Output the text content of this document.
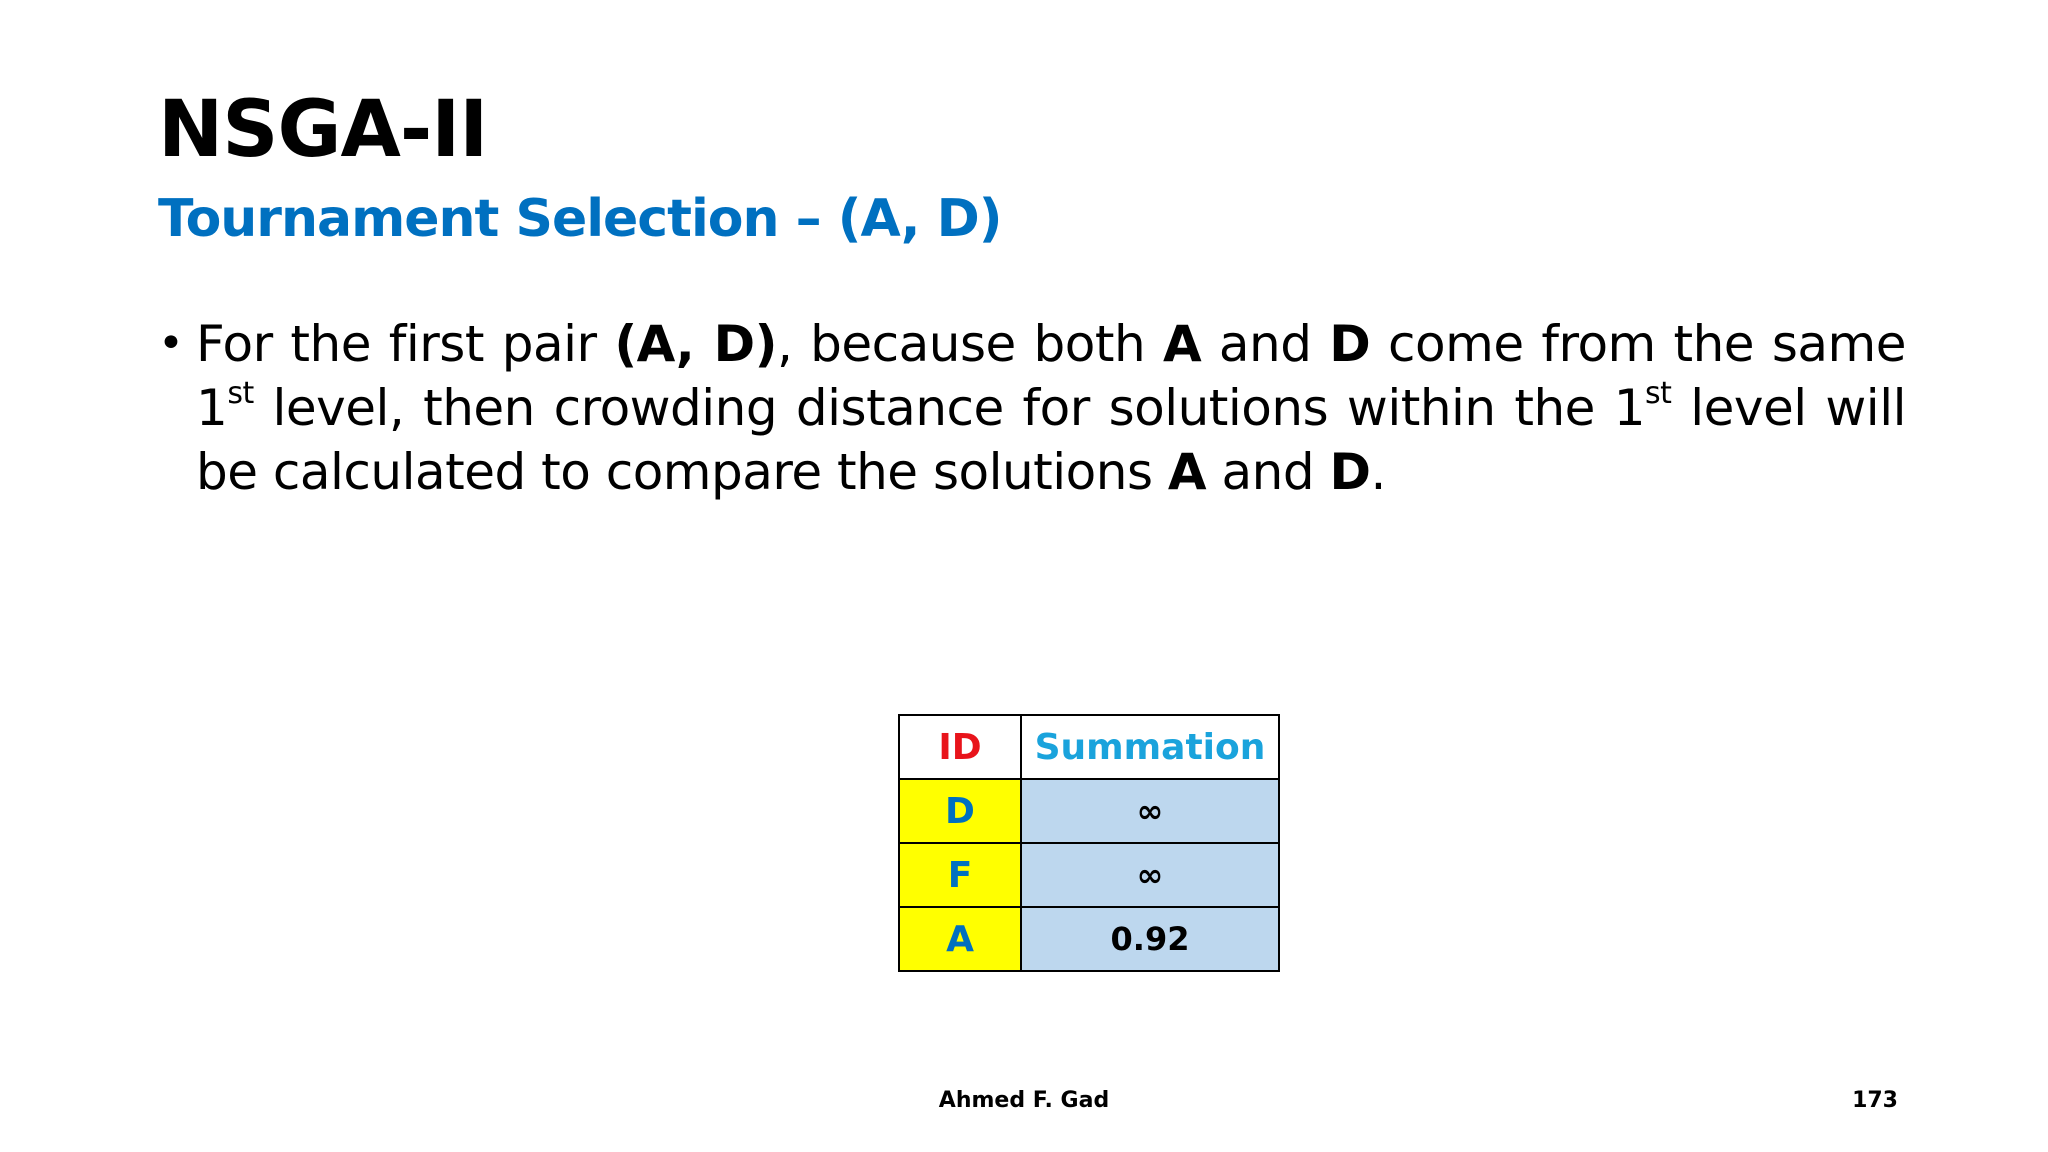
NSGA-II
Tournament Selection – (A, D)
• For the first pair (A, D), because both A and D come from the same 1st level, then crowding distance for solutions within the 1st level will be calculated to compare the solutions A and D.
ID	Summation
D	∞
F	∞
A	0.92
Ahmed F. Gad	173
